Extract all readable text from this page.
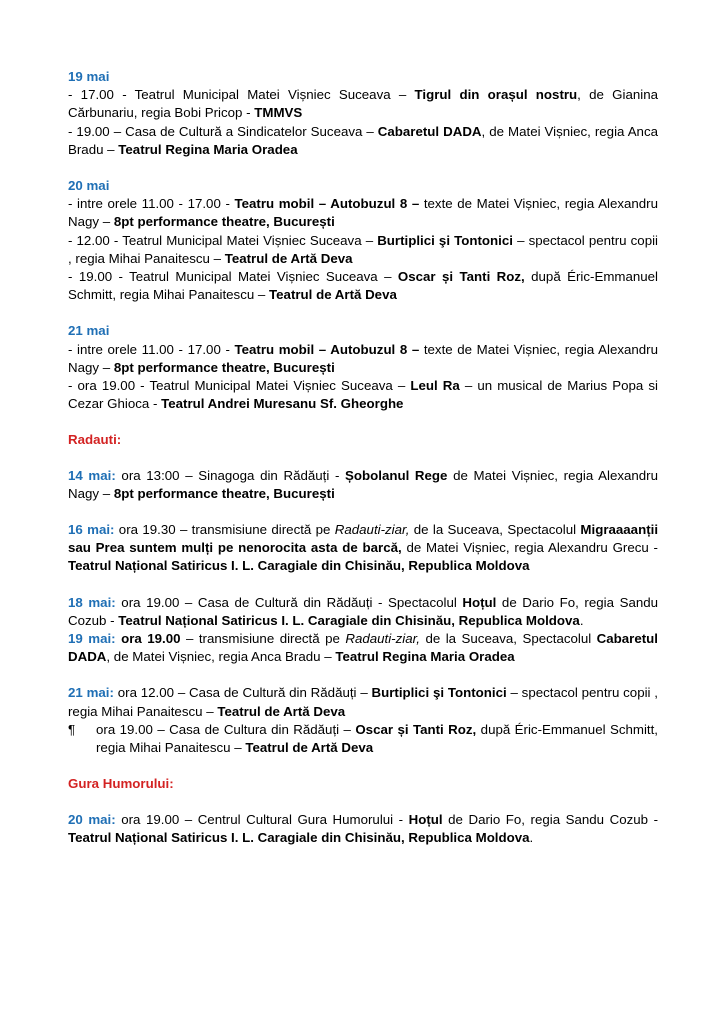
19 mai
- 17.00 - Teatrul Municipal Matei Vișniec Suceava – Tigrul din orașul nostru, de Gianina Cărbunariu, regia Bobi Pricop - TMMVS
- 19.00 – Casa de Cultură a Sindicatelor Suceava – Cabaretul DADA, de Matei Vișniec, regia Anca Bradu – Teatrul Regina Maria Oradea
20 mai
- intre orele 11.00 - 17.00 - Teatru mobil – Autobuzul 8 – texte de Matei Vișniec, regia Alexandru Nagy – 8pt performance theatre, București
- 12.00 - Teatrul Municipal Matei Vișniec Suceava – Burtiplici şi Tontonici – spectacol pentru copii , regia Mihai Panaitescu – Teatrul de Artă Deva
- 19.00 - Teatrul Municipal Matei Vișniec Suceava – Oscar și Tanti Roz, după Éric-Emmanuel Schmitt, regia Mihai Panaitescu – Teatrul de Artă Deva
21 mai
- intre orele 11.00 - 17.00 - Teatru mobil – Autobuzul 8 – texte de Matei Vișniec, regia Alexandru Nagy – 8pt performance theatre, București
- ora 19.00 - Teatrul Municipal Matei Vișniec Suceava – Leul Ra – un musical de Marius Popa si Cezar Ghioca - Teatrul Andrei Muresanu Sf. Gheorghe
Radauti:
14 mai: ora 13:00 – Sinagoga din Rădăuți - Șobolanul Rege de Matei Vișniec, regia Alexandru Nagy – 8pt performance theatre, București
16 mai: ora 19.30 – transmisiune directă pe Radauti-ziar, de la Suceava, Spectacolul Migraaaanții sau Prea suntem mulți pe nenorocita asta de barcă, de Matei Vișniec, regia Alexandru Grecu - Teatrul Național Satiricus I. L. Caragiale din Chisinău, Republica Moldova
18 mai: ora 19.00 – Casa de Cultură din Rădăuți - Spectacolul Hoțul de Dario Fo, regia Sandu Cozub - Teatrul Național Satiricus I. L. Caragiale din Chisinău, Republica Moldova.
19 mai: ora 19.00 – transmisiune directă pe Radauti-ziar, de la Suceava, Spectacolul Cabaretul DADA, de Matei Vișniec, regia Anca Bradu – Teatrul Regina Maria Oradea
21 mai: ora 12.00 – Casa de Cultură din Rădăuți – Burtiplici şi Tontonici – spectacol pentru copii , regia Mihai Panaitescu – Teatrul de Artă Deva
¶ ora 19.00 – Casa de Cultura din Rădăuți – Oscar și Tanti Roz, după Éric-Emmanuel Schmitt, regia Mihai Panaitescu – Teatrul de Artă Deva
Gura Humorului:
20 mai: ora 19.00 – Centrul Cultural Gura Humorului - Hoțul de Dario Fo, regia Sandu Cozub - Teatrul Național Satiricus I. L. Caragiale din Chisinău, Republica Moldova.
